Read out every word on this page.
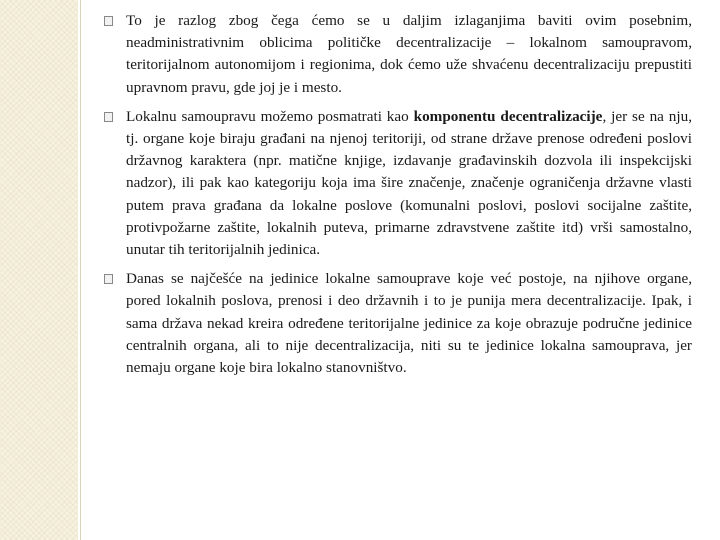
To je razlog zbog čega ćemo se u daljim izlaganjima baviti ovim posebnim, neadministrativnim oblicima političke decentralizacije – lokalnom samoupravom, teritorijalnom autonomijom i regionima, dok ćemo uže shvaćenu decentralizaciju prepustiti upravnom pravu, gde joj je i mesto.
Lokalnu samoupravu možemo posmatrati kao komponentu decentralizacije, jer se na nju, tj. organe koje biraju građani na njenoj teritoriji, od strane države prenose određeni poslovi državnog karaktera (npr. matične knjige, izdavanje građavinskih dozvola ili inspekcijski nadzor), ili pak kao kategoriju koja ima šire značenje, značenje ograničenja državne vlasti putem prava građana da lokalne poslove (komunalni poslovi, poslovi socijalne zaštite, protivpožarne zaštite, lokalnih puteva, primarne zdravstvene zaštite itd) vrši samostalno, unutar tih teritorijalnih jedinica.
Danas se najčešće na jedinice lokalne samouprave koje već postoje, na njihove organe, pored lokalnih poslova, prenosi i deo državnih i to je punija mera decentralizacije. Ipak, i sama država nekad kreira određene teritorijalne jedinice za koje obrazuje područne jedinice centralnih organa, ali to nije decentralizacija, niti su te jedinice lokalna samouprava, jer nemaju organe koje bira lokalno stanovništvo.
